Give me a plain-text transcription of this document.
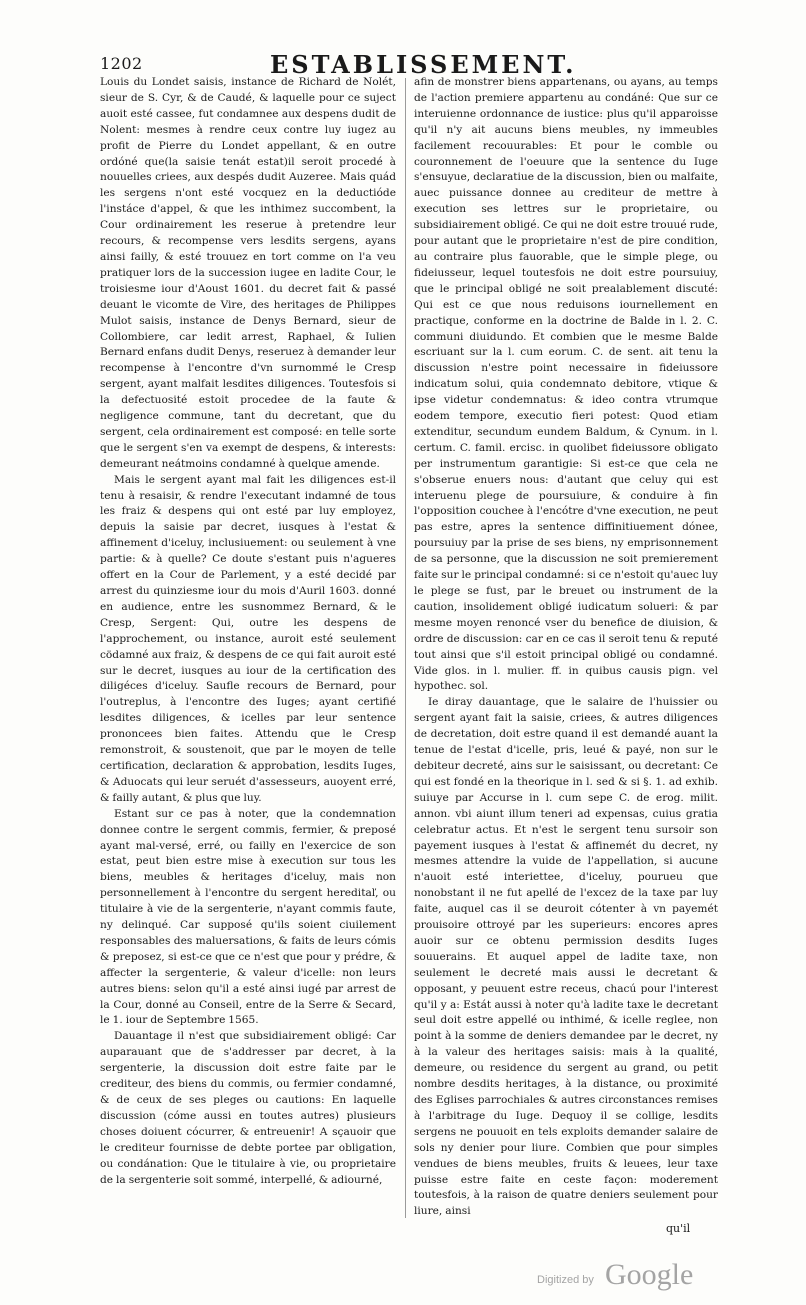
1202	ESTABLISSEMENT.

Louis du Londet saisis, instance de Richard de Nolét, sieur de S. Cyr, & de Caudé, & laquelle pour ce suject auoit esté cassee, fut condamnee aux despens dudit de Nolent: mesmes à rendre ceux contre luy iugez au profit de Pierre du Londet appellant, & en outre ordóné que(la saisie tenát estat)il seroit procedé à nouuelles criees, aux despés dudit Auzeree. Mais quád les sergens n'ont esté vocquez en la deductióde l'instáce d'appel, & que les inthimez succombent, la Cour ordinairement les reserue à pretendre leur recours, & recompense vers lesdits sergens, ayans ainsi failly, & esté trouuez en tort comme on l'a veu pratiquer lors de la succession iugee en ladite Cour, le troisiesme iour d'Aoust 1601. du decret fait & passé deuant le vicomte de Vire, des heritages de Philippes Mulot saisis, instance de Denys Bernard, sieur de Collombiere, car ledit arrest, Raphael, & Iulien Bernard enfans dudit Denys, reseruez à demander leur recompense à l'encontre d'vn surnommé le Cresp sergent, ayant malfait lesdites diligences. Toutesfois si la defectuosité estoit procedee de la faute & negligence commune, tant du decretant, que du sergent, cela ordinairement est composé: en telle sorte que le sergent s'en va exempt de despens, & interests: demeurant neátmoins condamné à quelque amende.

Mais le sergent ayant mal fait les diligences est-il tenu à resaisir, & rendre l'executant indamné de tous les fraiz & despens qui ont esté par luy employez, depuis la saisie par decret, iusques à l'estat & affinement d'iceluy, inclusiuement: ou seulement à vne partie: & à quelle? Ce doute s'estant puis n'agueres offert en la Cour de Parlement, y a esté decidé par arrest du quinziesme iour du mois d'Auril 1603. donné en audience, entre les susnommez Bernard, & le Cresp, Sergent: Qui, outre les despens de l'approchement, ou instance, auroit esté seulement cödamné aux fraiz, & despens de ce qui fait auroit esté sur le decret, iusques au iour de la certification des diligéces d'iceluy. Saufle recours de Bernard, pour l'outreplus, à l'encontre des Iuges; ayant certifié lesdites diligences, & icelles par leur sentence prononcees bien faites. Attendu que le Cresp remonstroit, & soustenoit, que par le moyen de telle certification, declaration & approbation, lesdits Iuges, & Aduocats qui leur seruét d'assesseurs, auoyent erré, & failly autant, & plus que luy.

Estant sur ce pas à noter, que la condemnation donnee contre le sergent commis, fermier, & preposé ayant mal-versé, erré, ou failly en l'exercice de son estat, peut bien estre mise à execution sur tous les biens, meubles & heritages d'iceluy, mais non personnellement à l'encontre du sergent hereditaľ, ou titulaire à vie de la sergenterie, n'ayant commis faute, ny delinqué. Car supposé qu'ils soient ciuilement responsables des maluersations, & faits de leurs cómis & preposez, si est-ce que ce n'est que pour y prédre, & affecter la sergenterie, & valeur d'icelle: non leurs autres biens: selon qu'il a esté ainsi iugé par arrest de la Cour, donné au Conseil, entre de la Serre & Secard, le 1. iour de Septembre 1565.

Dauantage il n'est que subsidiairement obligé: Car auparauant que de s'addresser par decret, à la sergenterie, la discussion doit estre faite par le crediteur, des biens du commis, ou fermier condamné, & de ceux de ses pleges ou cautions: En laquelle discussion (cóme aussi en toutes autres) plusieurs choses doiuent cócurrer, & entreuenir! A sçauoir que le crediteur fournisse de debte portee par obligation, ou condánation: Que le titulaire à vie, ou proprietaire de la sergenterie soit sommé, interpellé, & adiourné,

afin de monstrer biens appartenans, ou ayans, au temps de l'action premiere appartenu au condáné: Que sur ce interuienne ordonnance de iustice: plus qu'il apparoisse qu'il n'y ait aucuns biens meubles, ny immeubles facilement recouurables: Et pour le comble ou couronnement de l'oeuure que la sentence du Iuge s'ensuyue, declaratiue de la discussion, bien ou malfaite, auec puissance donnee au crediteur de mettre à execution ses lettres sur le proprietaire, ou subsidiairement obligé. Ce qui ne doit estre trouué rude, pour autant que le proprietaire n'est de pire condition, au contraire plus fauorable, que le simple plege, ou fideiusseur, lequel toutesfois ne doit estre poursuiuy, que le principal obligé ne soit prealablement discuté: Qui est ce que nous reduisons iournellement en practique, conforme en la doctrine de Balde in l. 2. C. communi diuidundo. Et combien que le mesme Balde escriuant sur la l. cum eorum. C. de sent. ait tenu la discussion n'estre point necessaire in fideiussore indicatum solui, quia condemnato debitore, vtique & ipse videtur condemnatus: & ideo contra vtrumque eodem tempore, executio fieri potest: Quod etiam extenditur, secundum eundem Baldum, & Cynum. in l. certum. C. famil. ercisc. in quolibet fideiussore obligato per instrumentum garantigie: Si est-ce que cela ne s'obserue enuers nous: d'autant que celuy qui est interuenu plege de poursuiure, & conduire à fin l'opposition couchee à l'encótre d'vne execution, ne peut pas estre, apres la sentence diffinitiuement dónee, poursuiuy par la prise de ses biens, ny emprisonnement de sa personne, que la discussion ne soit premierement faite sur le principal condamné: si ce n'estoit qu'auec luy le plege se fust, par le breuet ou instrument de la caution, insolidement obligé iudicatum solueri: & par mesme moyen renoncé vser du benefice de diuision, & ordre de discussion: car en ce cas il seroit tenu & reputé tout ainsi que s'il estoit principal obligé ou condamné. Vide glos. in l. mulier. ff. in quibus causis pign. vel hypothec. sol.

Ie diray dauantage, que le salaire de l'huissier ou sergent ayant fait la saisie, criees, & autres diligences de decretation, doit estre quand il est demandé auant la tenue de l'estat d'icelle, pris, leué & payé, non sur le debiteur decreté, ains sur le saisissant, ou decretant: Ce qui est fondé en la theorique in l. sed & si §. 1. ad exhib. suiuye par Accurse in l. cum sepe C. de erog. milit. annon. vbi aiunt illum teneri ad expensas, cuius gratia celebratur actus. Et n'est le sergent tenu sursoir son payement iusques à l'estat & affinemét du decret, ny mesmes attendre la vuide de l'appellation, si aucune n'auoit esté interiettee, d'iceluy, pourueu que nonobstant il ne fut apellé de l'excez de la taxe par luy faite, auquel cas il se deuroit cótenter à vn payemét prouisoire ottroyé par les superieurs: encores apres auoir sur ce obtenu permission desdits Iuges souuerains. Et auquel appel de ladite taxe, non seulement le decreté mais aussi le decretant & opposant, y peuuent estre receus, chacú pour l'interest qu'il y a: Estát aussi à noter qu'à ladite taxe le decretant seul doit estre appellé ou inthimé, & icelle reglee, non point à la somme de deniers demandee par le decret, ny à la valeur des heritages saisis: mais à la qualité, demeure, ou residence du sergent au grand, ou petit nombre desdits heritages, à la distance, ou proximité des Eglises parrochiales & autres circonstances remises à l'arbitrage du Iuge. Dequoy il se collige, lesdits sergens ne pouuoit en tels exploits demander salaire de sols ny denier pour liure. Combien que pour simples vendues de biens meubles, fruits & leuees, leur taxe puisse estre faite en ceste façon: moderement toutesfois, à la raison de quatre deniers seulement pour liure, ainsi

qu'il
Digitized by Google
